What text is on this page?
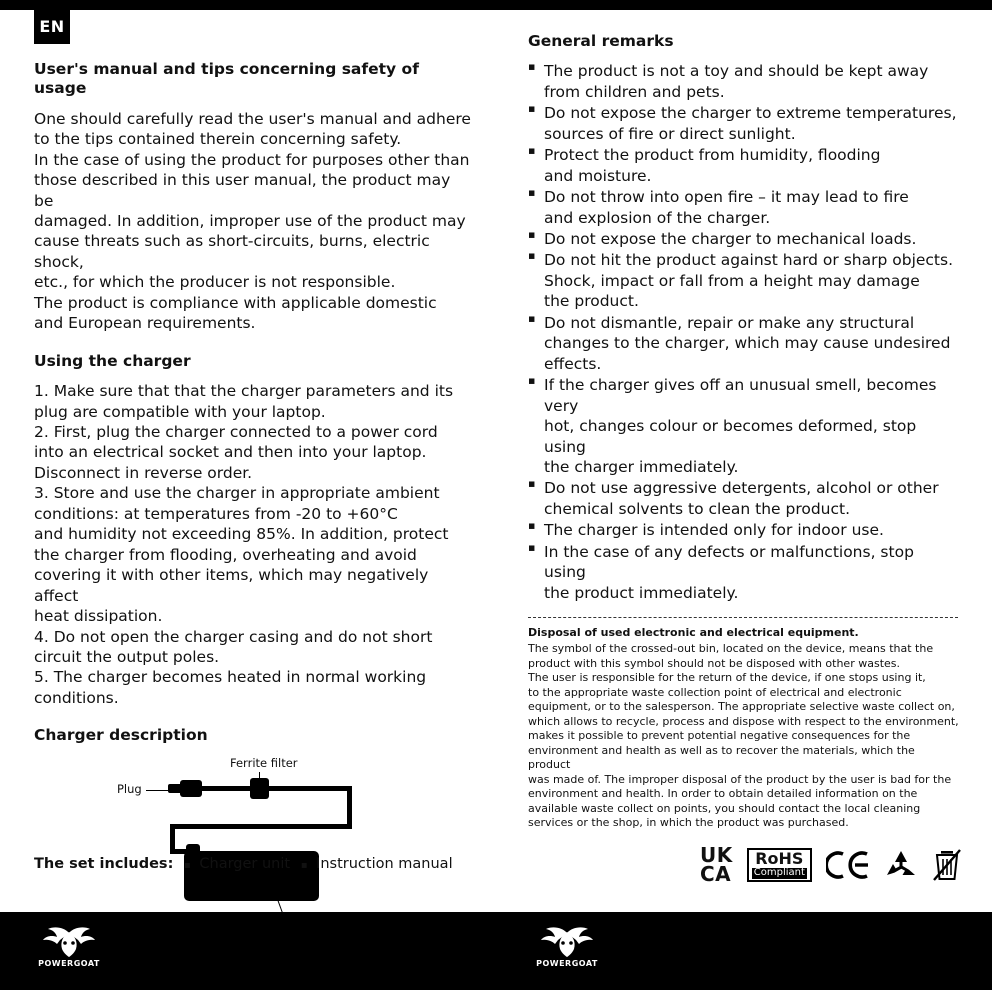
EN
User's manual and tips concerning safety of usage

One should carefully read the user's manual and adhere
to the tips contained therein concerning safety.
In the case of using the product for purposes other than
those described in this user manual, the product may be
damaged. In addition, improper use of the product may
cause threats such as short-circuits, burns, electric shock,
etc., for which the producer is not responsible.
The product is compliance with applicable domestic
and European requirements.

Using the charger
1. Make sure that that the charger parameters and its
plug are compatible with your laptop.
2. First, plug the charger connected to a power cord
into an electrical socket and then into your laptop.
Disconnect in reverse order.
3. Store and use the charger in appropriate ambient
conditions: at temperatures from -20 to +60°C
and humidity not exceeding 85%. In addition, protect
the charger from flooding, overheating and avoid
covering it with other items, which may negatively affect
heat dissipation.
4. Do not open the charger casing and do not short
circuit the output poles.
5. The charger becomes heated in normal working
conditions.
Charger description
Ferrite filter
Plug
General remarks
▪ The product is not a toy and should be kept away
from children and pets.
▪ Do not expose the charger to extreme temperatures,
sources of fire or direct sunlight.
▪ Protect the product from humidity, flooding
and moisture.
▪ Do not throw into open fire – it may lead to fire
and explosion of the charger.
▪ Do not expose the charger to mechanical loads.
▪ Do not hit the product against hard or sharp objects.
Shock, impact or fall from a height may damage
the product.
▪ Do not dismantle, repair or make any structural
changes to the charger, which may cause undesired
effects.
▪ If the charger gives off an unusual smell, becomes very
hot, changes colour or becomes deformed, stop using
the charger immediately.
▪ Do not use aggressive detergents, alcohol or other
chemical solvents to clean the product.
▪ The charger is intended only for indoor use.
▪ In the case of any defects or malfunctions, stop using
the product immediately.

Disposal of used electronic and electrical equipment.

The symbol of the crossed-out bin, located on the device, means that the
product with this symbol should not be disposed with other wastes.
The user is responsible for the return of the device, if one stops using it,
to the appropriate waste collection point of electrical and electronic
equipment, or to the salesperson. The appropriate selective waste collect on,
which allows to recycle, process and dispose with respect to the environment,
makes it possible to prevent potential negative consequences for the
environment and health as well as to recover the materials, which the product
was made of. The improper disposal of the product by the user is bad for the
environment and health. In order to obtain detailed information on the
available waste collect on points, you should contact the local cleaning
services or the shop, in which the product was purchased.

The set includes: ▪ Charger unit ▪ Instruction manual	UK
CA
RoHS
Compliant
POWERGOAT	POWERGOAT
